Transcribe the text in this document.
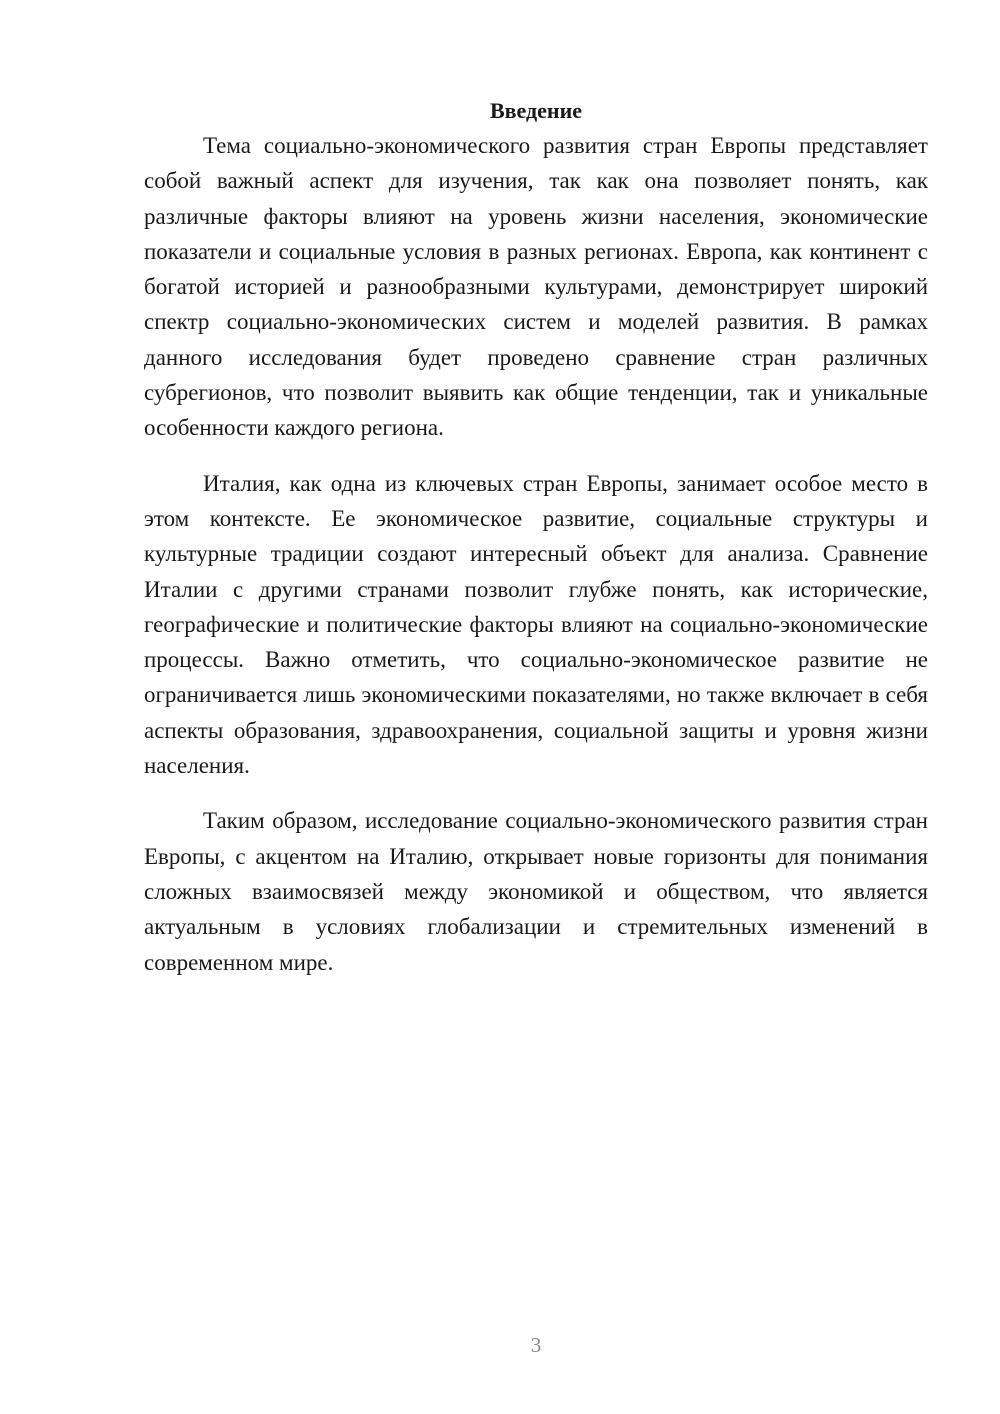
Введение

Тема социально-экономического развития стран Европы представляет собой важный аспект для изучения, так как она позволяет понять, как различные факторы влияют на уровень жизни населения, экономические показатели и социальные условия в разных регионах. Европа, как континент с богатой историей и разнообразными культурами, демонстрирует широкий спектр социально-экономических систем и моделей развития. В рамках данного исследования будет проведено сравнение стран различных субрегионов, что позволит выявить как общие тенденции, так и уникальные особенности каждого региона.

Италия, как одна из ключевых стран Европы, занимает особое место в этом контексте. Ее экономическое развитие, социальные структуры и культурные традиции создают интересный объект для анализа. Сравнение Италии с другими странами позволит глубже понять, как исторические, географические и политические факторы влияют на социально-экономические процессы. Важно отметить, что социально-экономическое развитие не ограничивается лишь экономическими показателями, но также включает в себя аспекты образования, здравоохранения, социальной защиты и уровня жизни населения.

Таким образом, исследование социально-экономического развития стран Европы, с акцентом на Италию, открывает новые горизонты для понимания сложных взаимосвязей между экономикой и обществом, что является актуальным в условиях глобализации и стремительных изменений в современном мире.

3
